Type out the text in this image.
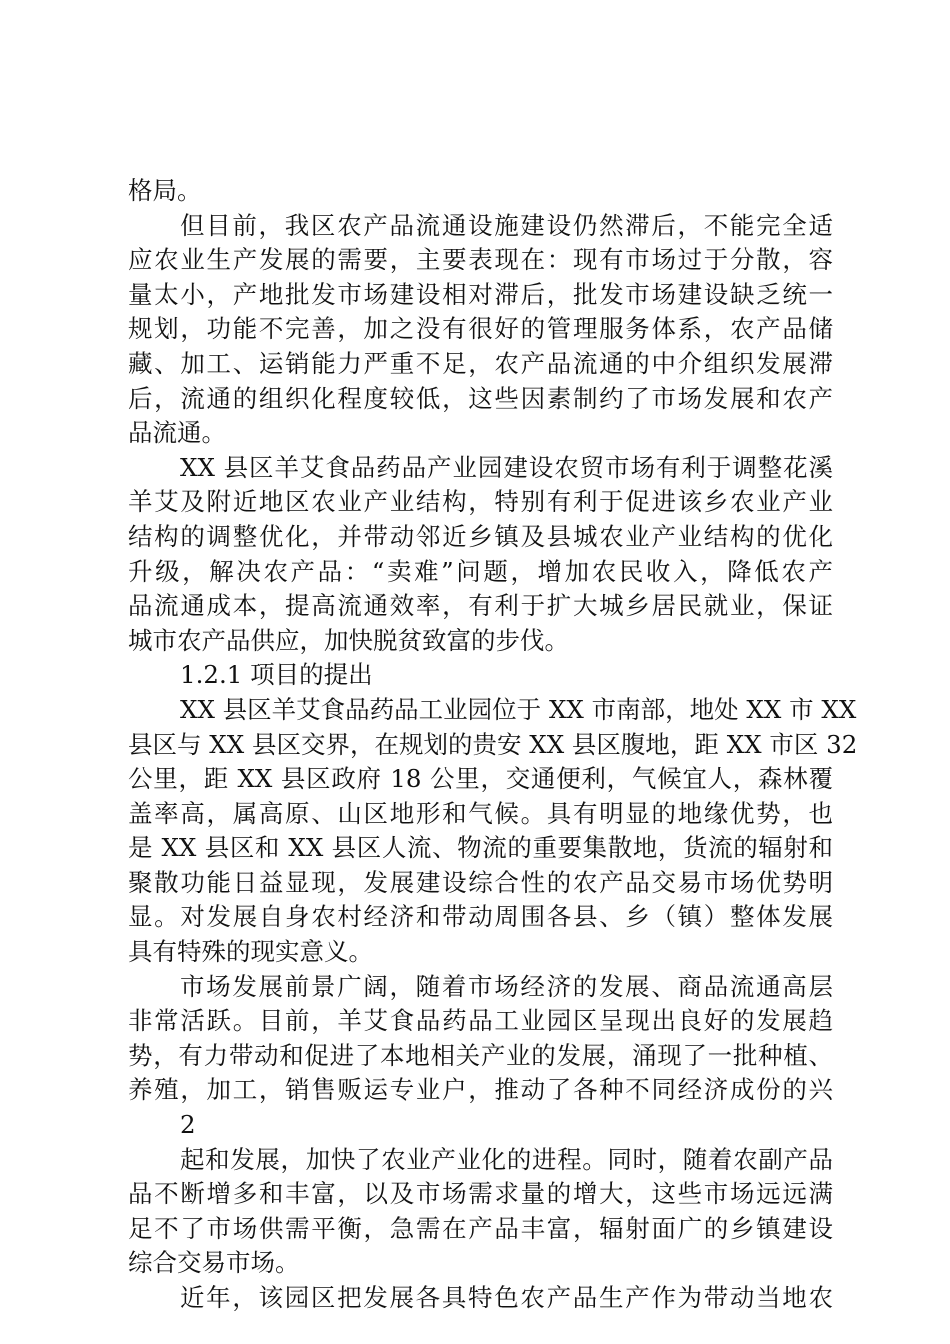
格局。
但目前，我区农产品流通设施建设仍然滞后，不能完全适
应农业生产发展的需要，主要表现在：现有市场过于分散，容
量太小，产地批发市场建设相对滞后，批发市场建设缺乏统一
规划，功能不完善，加之没有很好的管理服务体系，农产品储
藏、加工、运销能力严重不足，农产品流通的中介组织发展滞
后，流通的组织化程度较低，这些因素制约了市场发展和农产
品流通。
XX 县区羊艾食品药品产业园建设农贸市场有利于调整花溪
羊艾及附近地区农业产业结构，特别有利于促进该乡农业产业
结构的调整优化，并带动邻近乡镇及县城农业产业结构的优化
升级，解决农产品：“卖难”问题，增加农民收入，降低农产
品流通成本，提高流通效率，有利于扩大城乡居民就业，保证
城市农产品供应，加快脱贫致富的步伐。
1.2.1 项目的提出
XX 县区羊艾食品药品工业园位于 XX 市南部，地处 XX 市 XX
县区与 XX 县区交界，在规划的贵安 XX 县区腹地，距 XX 市区 32
公里，距 XX 县区政府 18 公里，交通便利，气候宜人，森林覆
盖率高，属高原、山区地形和气候。具有明显的地缘优势，也
是 XX 县区和 XX 县区人流、物流的重要集散地，货流的辐射和
聚散功能日益显现，发展建设综合性的农产品交易市场优势明
显。对发展自身农村经济和带动周围各县、乡（镇）整体发展
具有特殊的现实意义。
市场发展前景广阔，随着市场经济的发展、商品流通高层
非常活跃。目前，羊艾食品药品工业园区呈现出良好的发展趋
势，有力带动和促进了本地相关产业的发展，涌现了一批种植、
养殖，加工，销售贩运专业户，推动了各种不同经济成份的兴
2
起和发展，加快了农业产业化的进程。同时，随着农副产品
品不断增多和丰富，以及市场需求量的增大，这些市场远远满
足不了市场供需平衡，急需在产品丰富，辐射面广的乡镇建设
综合交易市场。
近年，该园区把发展各具特色农产品生产作为带动当地农
